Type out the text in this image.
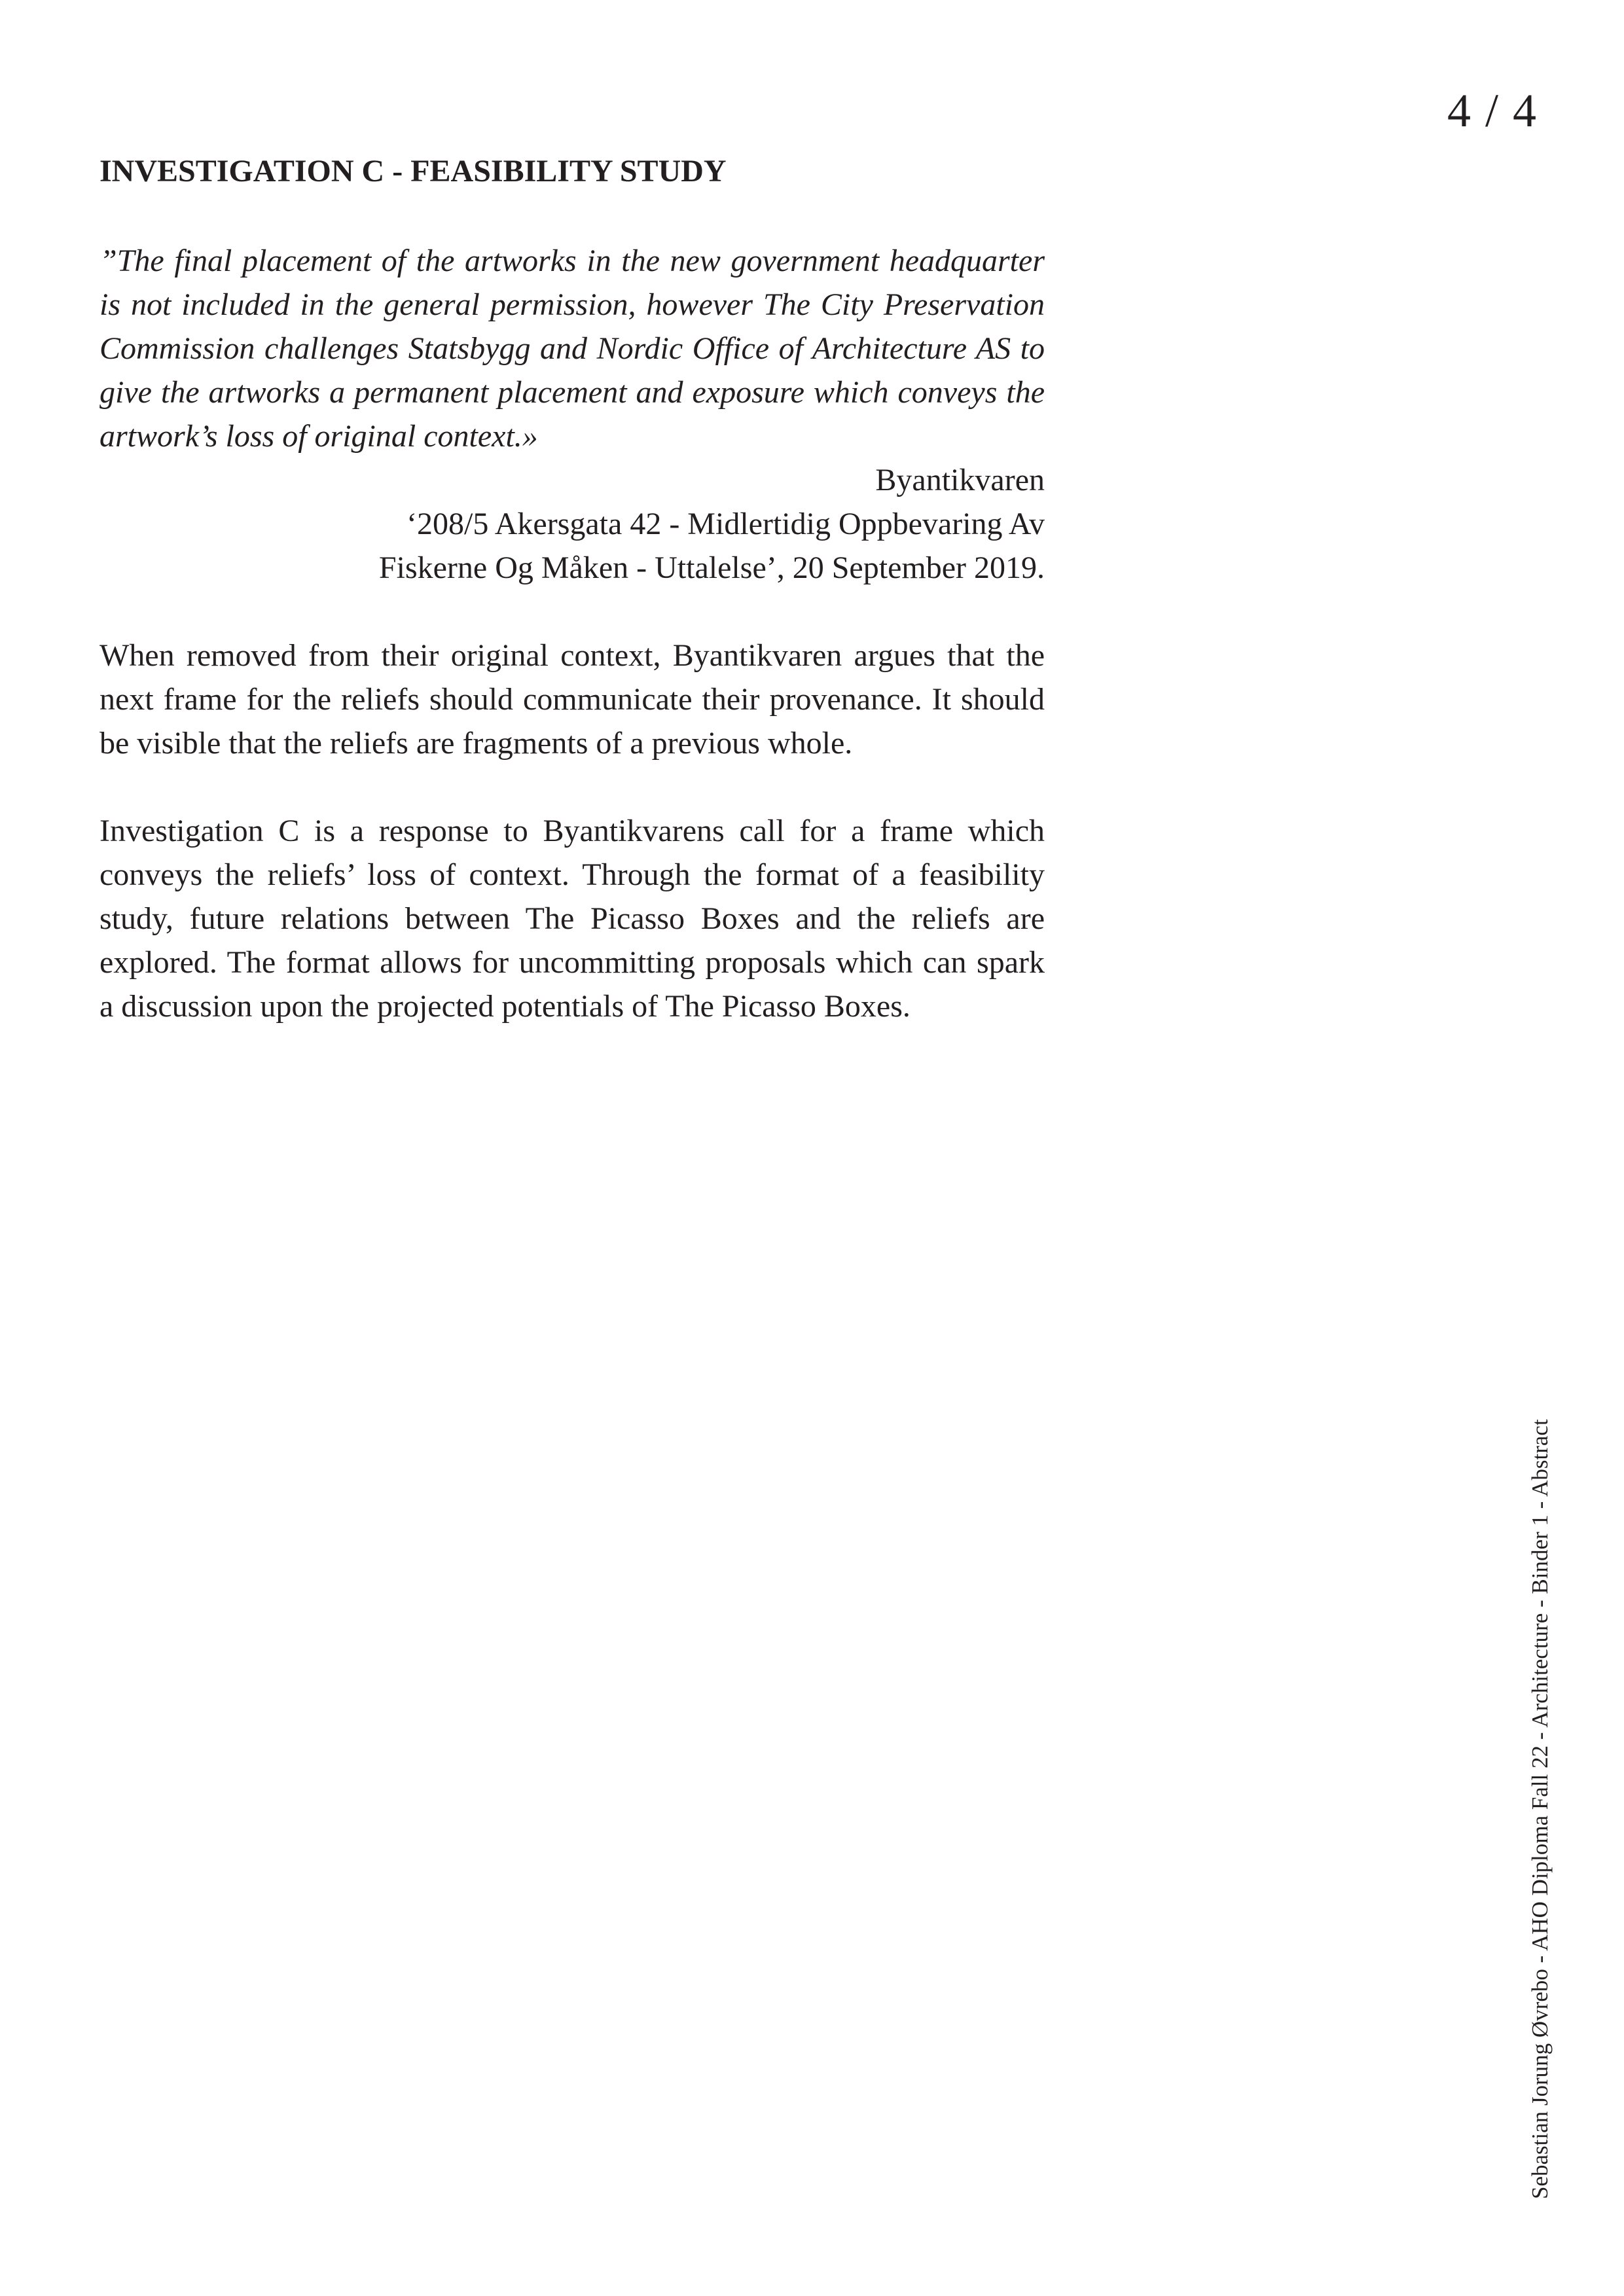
4 / 4
INVESTIGATION C - FEASIBILITY STUDY

”The final placement of the artworks in the new government headquarter is not included in the general permission, however The City Preservation Commission challenges Statsbygg and Nordic Office of Architecture AS to give the artworks a permanent placement and exposure which conveys the artwork’s loss of original context.»

Byantikvaren

‘208/5 Akersgata 42 - Midlertidig Oppbevaring Av

Fiskerne Og Måken - Uttalelse’, 20 September 2019.

When removed from their original context, Byantikvaren argues that the next frame for the reliefs should communicate their provenance. It should be visible that the reliefs are fragments of a previous whole.

Investigation C is a response to Byantikvarens call for a frame which conveys the reliefs’ loss of context. Through the format of a feasibility study, future relations between The Picasso Boxes and the reliefs are explored. The format allows for uncommitting proposals which can spark a discussion upon the projected potentials of The Picasso Boxes.

Sebastian Jorung Øvrebo - AHO Diploma Fall 22 - Architecture - Binder 1 - Abstract
